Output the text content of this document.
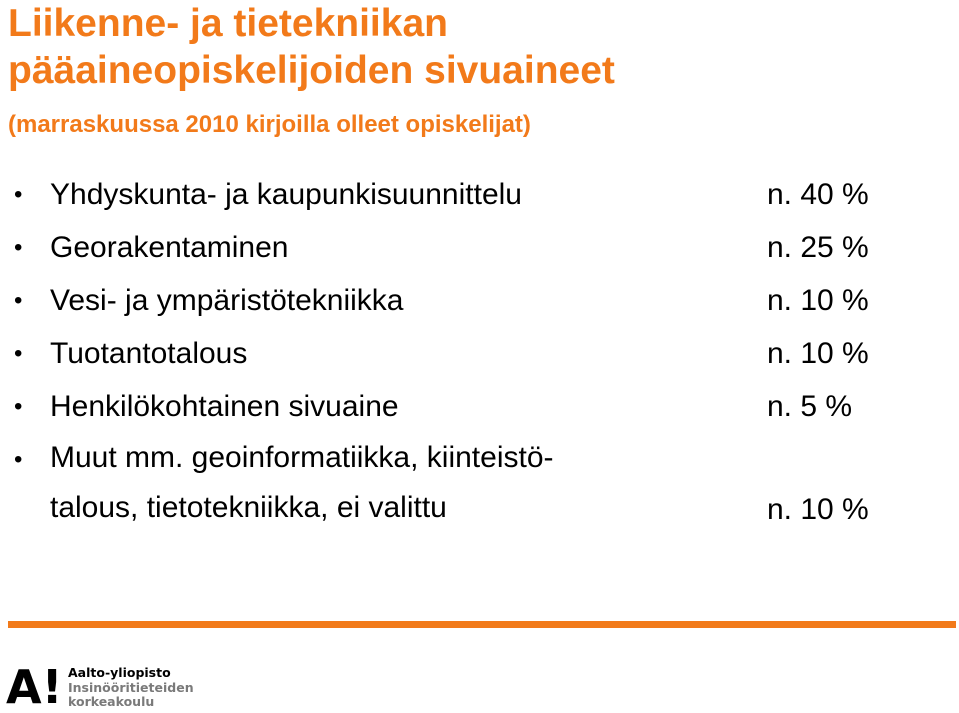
Liikenne- ja tietekniikan
pääaineopiskelijoiden sivuaineet
(marraskuussa 2010 kirjoilla olleet opiskelijat)
• Yhdyskunta- ja kaupunkisuunnittelu	n. 40 %
• Georakentaminen	n. 25 %
• Vesi- ja ympäristötekniikka	n. 10 %
• Tuotantotalous	n. 10 %
• Henkilökohtainen sivuaine	n. 5 %
• Muut mm. geoinformatiikka, kiinteistö-
talous, tietotekniikka, ei valittu	n. 10 %
A! Aalto-yliopisto
Insinööritieteiden
korkeakoulu
